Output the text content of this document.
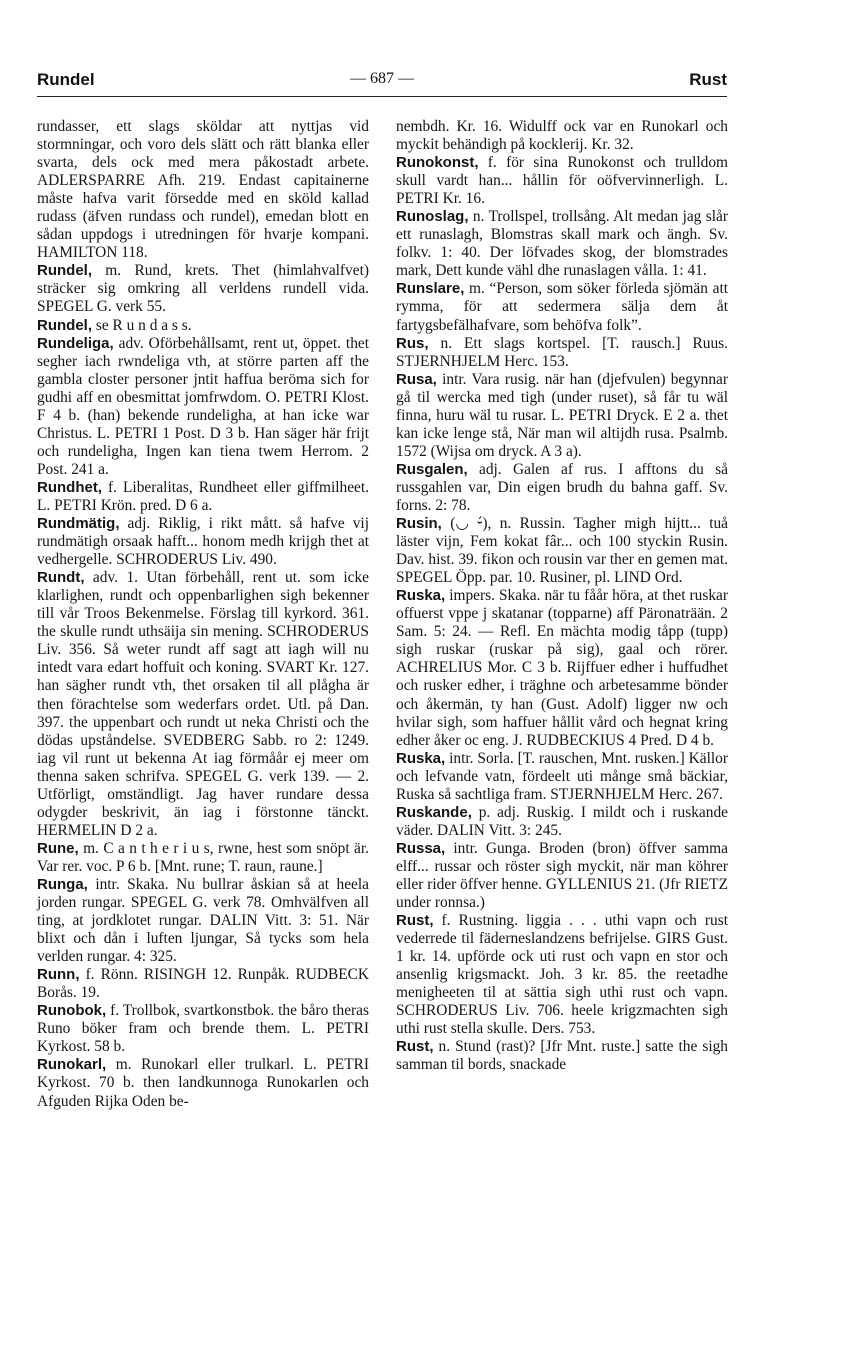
Rundel	— 687 —	Rust

rundasser, ett slags sköldar att nyttjas vid stormningar, och voro dels slätt och rätt blanka eller svarta, dels ock med mera påkostadt arbete. ADLERSPARRE Afh. 219. Endast capitainerne måste hafva varit försedde med en sköld kallad rudass (äfven rundass och rundel), emedan blott en sådan uppdogs i utredningen för hvarje kompani. HAMILTON 118.

Rundel, m. Rund, krets. Thet (himlahvalfvet) sträcker sig omkring all verldens rundell vida. SPEGEL G. verk 55.

Rundel, se R u n d a s s.

Rundeliga, adv. Oförbehållsamt, rent ut, öppet. thet segher iach rwndeliga vth, at större parten aff the gambla closter personer jntit haffua beröma sich for gudhi aff en obesmittat jomfrwdom. O. PETRI Klost. F 4 b. (han) bekende rundeligha, at han icke war Christus. L. PETRI 1 Post. D 3 b. Han säger här frijt och rundeligha, Ingen kan tiena twem Herrom. 2 Post. 241 a.

Rundhet, f. Liberalitas, Rundheet eller giffmilheet. L. PETRI Krön. pred. D 6 a.

Rundmätig, adj. Riklig, i rikt mått. så hafve vij rundmätigh orsaak hafft... honom medh krijgh thet at vedhergelle. SCHRODERUS Liv. 490.

Rundt, adv. 1. Utan förbehåll, rent ut. som icke klarlighen, rundt och oppenbarlighen sigh bekenner till vår Troos Bekenmelse. Förslag till kyrkord. 361. the skulle rundt uthsäija sin mening. SCHRODERUS Liv. 356. Så weter rundt aff sagt att iagh will nu intedt vara edart hoffuit och koning. SVART Kr. 127. han sägher rundt vth, thet orsaken til all plågha är then förachtelse som wederfars ordet. Utl. på Dan. 397. the uppenbart och rundt ut neka Christi och the dödas upståndelse. SVEDBERG Sabb. ro 2: 1249. iag vil runt ut bekenna At iag förmåår ej meer om thenna saken schrifva. SPEGEL G. verk 139. — 2. Utförligt, omständligt. Jag haver rundare dessa odygder beskrivit, än iag i förstonne tänckt. HERMELIN D 2 a.

Rune, m. C a n t h e r i u s, rwne, hest som snöpt är. Var rer. voc. P 6 b. [Mnt. rune; T. raun, raune.]

Runga, intr. Skaka. Nu bullrar åskian så at heela jorden rungar. SPEGEL G. verk 78. Omhvälfven all ting, at jordklotet rungar. DALIN Vitt. 3: 51. När blixt och dån i luften ljungar, Så tycks som hela verlden rungar. 4: 325.

Runn, f. Rönn. RISINGH 12. Runpåk. RUDBECK Borås. 19.

Runobok, f. Trollbok, svartkonstbok. the båro theras Runo böker fram och brende them. L. PETRI Kyrkost. 58 b.

Runokarl, m. Runokarl eller trulkarl. L. PETRI Kyrkost. 70 b. then landkunnoga Runokarlen och Afguden Rijka Oden be-

nembdh. Kr. 16. Widulff ock var en Runokarl och myckit behändigh på kocklerij. Kr. 32.

Runokonst, f. för sina Runokonst och trulldom skull vardt han... hållin för oöfvervinnerligh. L. PETRI Kr. 16.

Runoslag, n. Trollspel, trollsång. Alt medan jag slår ett runaslagh, Blomstras skall mark och ängh. Sv. folkv. 1: 40. Der löfvades skog, der blomstrades mark, Dett kunde vähl dhe runaslagen vålla. 1: 41.

Runslare, m. “Person, som söker förleda sjömän att rymma, för att sedermera sälja dem åt fartygsbefälhafvare, som behöfva folk”.

Rus, n. Ett slags kortspel. [T. rausch.] Ruus. STJERNHJELM Herc. 153.

Rusa, intr. Vara rusig. när han (djefvulen) begynnar gå til wercka med tigh (under ruset), så får tu wäl finna, huru wäl tu rusar. L. PETRI Dryck. E 2 a. thet kan icke lenge stå, När man wil altijdh rusa. Psalmb. 1572 (Wijsa om dryck. A 3 a).

Rusgalen, adj. Galen af rus. I afftons du så russgahlen var, Din eigen brudh du bahna gaff. Sv. forns. 2: 78.

Rusin, (◡ ⏑́), n. Russin. Tagher migh hijtt... tuå läster vijn, Fem kokat fâr... och 100 styckin Rusin. Dav. hist. 39. fikon och rousin var ther en gemen mat. SPEGEL Öpp. par. 10. Rusiner, pl. LIND Ord.

Ruska, impers. Skaka. när tu fåår höra, at thet ruskar offuerst vppe j skatanar (topparne) aff Päronaträän. 2 Sam. 5: 24. — Refl. En mächta modig tåpp (tupp) sigh ruskar (ruskar på sig), gaal och rörer. ACHRELIUS Mor. C 3 b. Rijffuer edher i huffudhet och rusker edher, i träghne och arbetesamme bönder och åkermän, ty han (Gust. Adolf) ligger nw och hvilar sigh, som haffuer hållit vård och hegnat kring edher åker oc eng. J. RUDBECKIUS 4 Pred. D 4 b.

Ruska, intr. Sorla. [T. rauschen, Mnt. rusken.] Källor och lefvande vatn, fördeelt uti månge små bäckiar, Ruska så sachtliga fram. STJERNHJELM Herc. 267.

Ruskande, p. adj. Ruskig. I mildt och i ruskande väder. DALIN Vitt. 3: 245.

Russa, intr. Gunga. Broden (bron) öffver samma elff... russar och röster sigh myckit, när man köhrer eller rider öffver henne. GYLLENIUS 21. (Jfr RIETZ under ronnsa.)

Rust, f. Rustning. liggia . . . uthi vapn och rust vederrede til fäderneslandzens befrijelse. GIRS Gust. 1 kr. 14. upförde ock uti rust och vapn en stor och ansenlig krigsmackt. Joh. 3 kr. 85. the reetadhe menigheeten til at sättia sigh uthi rust och vapn. SCHRODERUS Liv. 706. heele krigzmachten sigh uthi rust stella skulle. Ders. 753.

Rust, n. Stund (rast)? [Jfr Mnt. ruste.] satte the sigh samman til bords, snackade
